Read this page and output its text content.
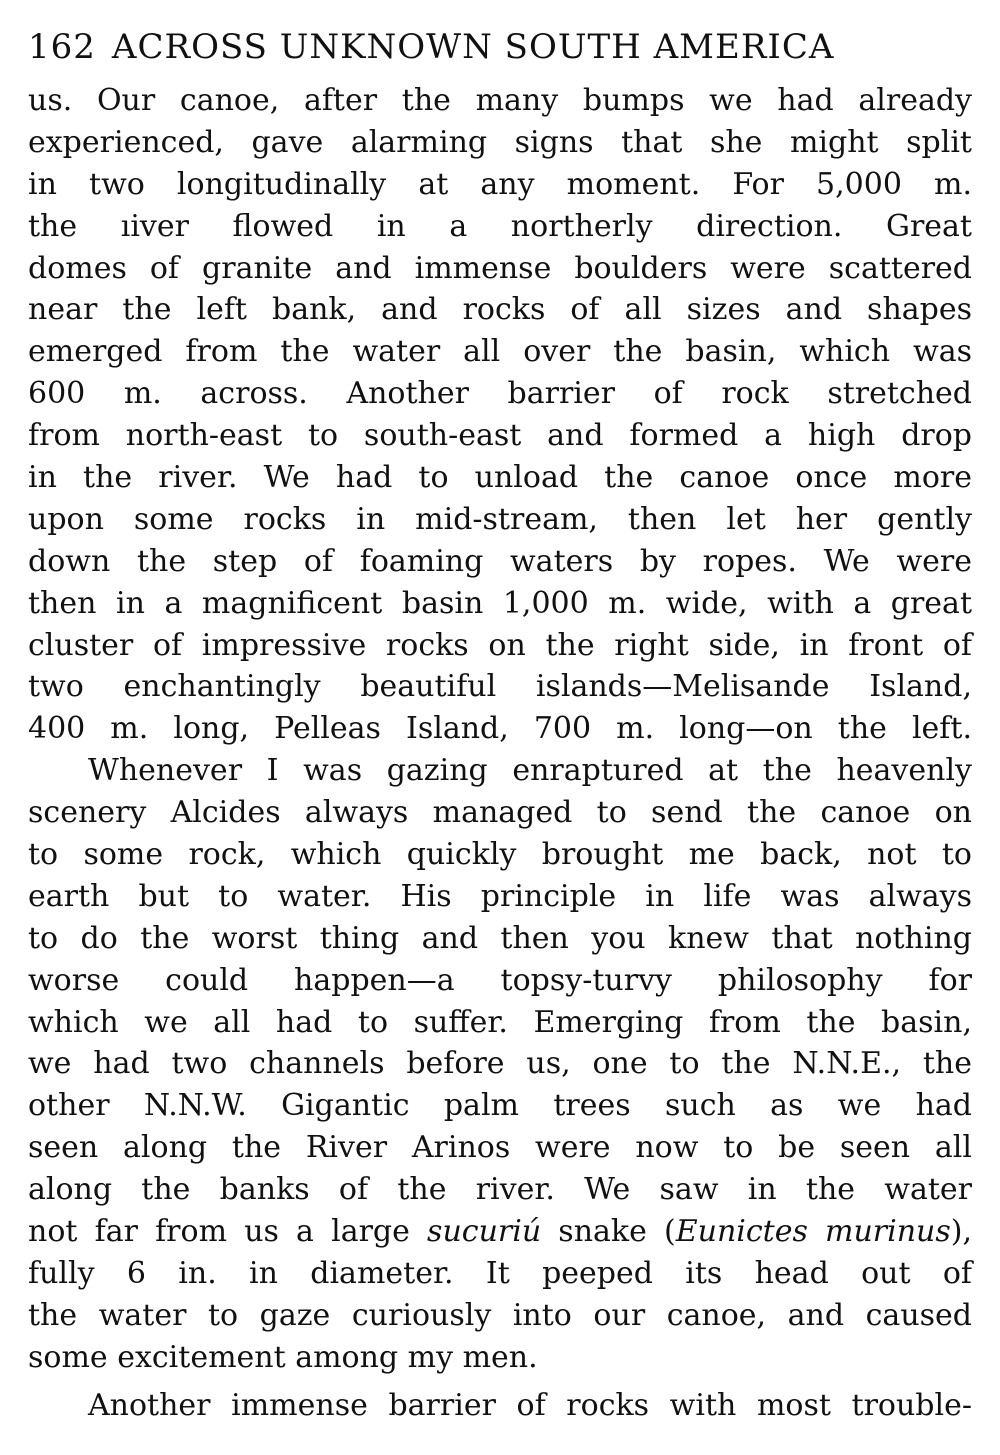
162 ACROSS UNKNOWN SOUTH AMERICA
us. Our canoe, after the many bumps we had already
experienced, gave alarming signs that she might split
in two longitudinally at any moment. For 5,000 m.
the ıiver flowed in a northerly direction. Great
domes of granite and immense boulders were scattered
near the left bank, and rocks of all sizes and shapes
emerged from the water all over the basin, which was
600 m. across. Another barrier of rock stretched
from north-east to south-east and formed a high drop
in the river. We had to unload the canoe once more
upon some rocks in mid-stream, then let her gently
down the step of foaming waters by ropes. We were
then in a magnificent basin 1,000 m. wide, with a great
cluster of impressive rocks on the right side, in front of
two enchantingly beautiful islands—Melisande Island,
400 m. long, Pelleas Island, 700 m. long—on the left.
Whenever I was gazing enraptured at the heavenly
scenery Alcides always managed to send the canoe on
to some rock, which quickly brought me back, not to
earth but to water. His principle in life was always
to do the worst thing and then you knew that nothing
worse could happen—a topsy-turvy philosophy for
which we all had to suffer. Emerging from the basin,
we had two channels before us, one to the N.N.E., the
other N.N.W. Gigantic palm trees such as we had
seen along the River Arinos were now to be seen all
along the banks of the river. We saw in the water
not far from us a large sucuriú snake (Eunictes murinus),
fully 6 in. in diameter. It peeped its head out of
the water to gaze curiously into our canoe, and caused
some excitement among my men.
Another immense barrier of rocks with most trouble-
